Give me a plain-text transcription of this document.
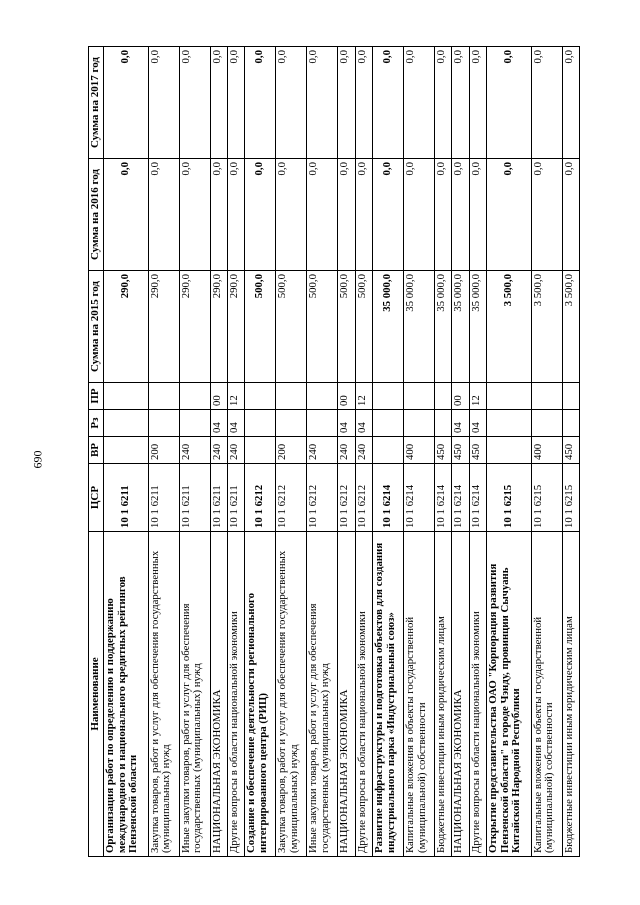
690
Наименование	ЦСР	ВР	Рз	ПР	Сумма на 2015 год	Сумма на 2016 год	Сумма на 2017 год
Организация работ по определению и поддержанию международного и национального кредитных рейтингов Пензенской области	10 1 6211				290,0	0,0	0,0
Закупка товаров, работ и услуг для обеспечения государственных (муниципальных) нужд	10 1 6211	200			290,0	0,0	0,0
Иные закупки товаров, работ и услуг для обеспечения государственных (муниципальных) нужд	10 1 6211	240			290,0	0,0	0,0
НАЦИОНАЛЬНАЯ ЭКОНОМИКА	10 1 6211	240	04	00	290,0	0,0	0,0
Другие вопросы в области национальной экономики	10 1 6211	240	04	12	290,0	0,0	0,0
Создание и обеспечение деятельности регионального интегрированного центра (РИЦ)	10 1 6212				500,0	0,0	0,0
Закупка товаров, работ и услуг для обеспечения государственных (муниципальных) нужд	10 1 6212	200			500,0	0,0	0,0
Иные закупки товаров, работ и услуг для обеспечения государственных (муниципальных) нужд	10 1 6212	240			500,0	0,0	0,0
НАЦИОНАЛЬНАЯ ЭКОНОМИКА	10 1 6212	240	04	00	500,0	0,0	0,0
Другие вопросы в области национальной экономики	10 1 6212	240	04	12	500,0	0,0	0,0
Развитие инфраструктуры и подготовка объектов для создания индустриального парка «Индустриальный союз»	10 1 6214				35 000,0	0,0	0,0
Капитальные вложения в объекты государственной (муниципальной) собственности	10 1 6214	400			35 000,0	0,0	0,0
Бюджетные инвестиции иным юридическим лицам	10 1 6214	450			35 000,0	0,0	0,0
НАЦИОНАЛЬНАЯ ЭКОНОМИКА	10 1 6214	450	04	00	35 000,0	0,0	0,0
Другие вопросы в области национальной экономики	10 1 6214	450	04	12	35 000,0	0,0	0,0
Открытие представительства ОАО "Корпорация развития Пензенской области" в городе Чэнду, провинции Сычуань Китайской Народной Республики	10 1 6215				3 500,0	0,0	0,0
Капитальные вложения в объекты государственной (муниципальной) собственности	10 1 6215	400			3 500,0	0,0	0,0
Бюджетные инвестиции иным юридическим лицам	10 1 6215	450			3 500,0	0,0	0,0
